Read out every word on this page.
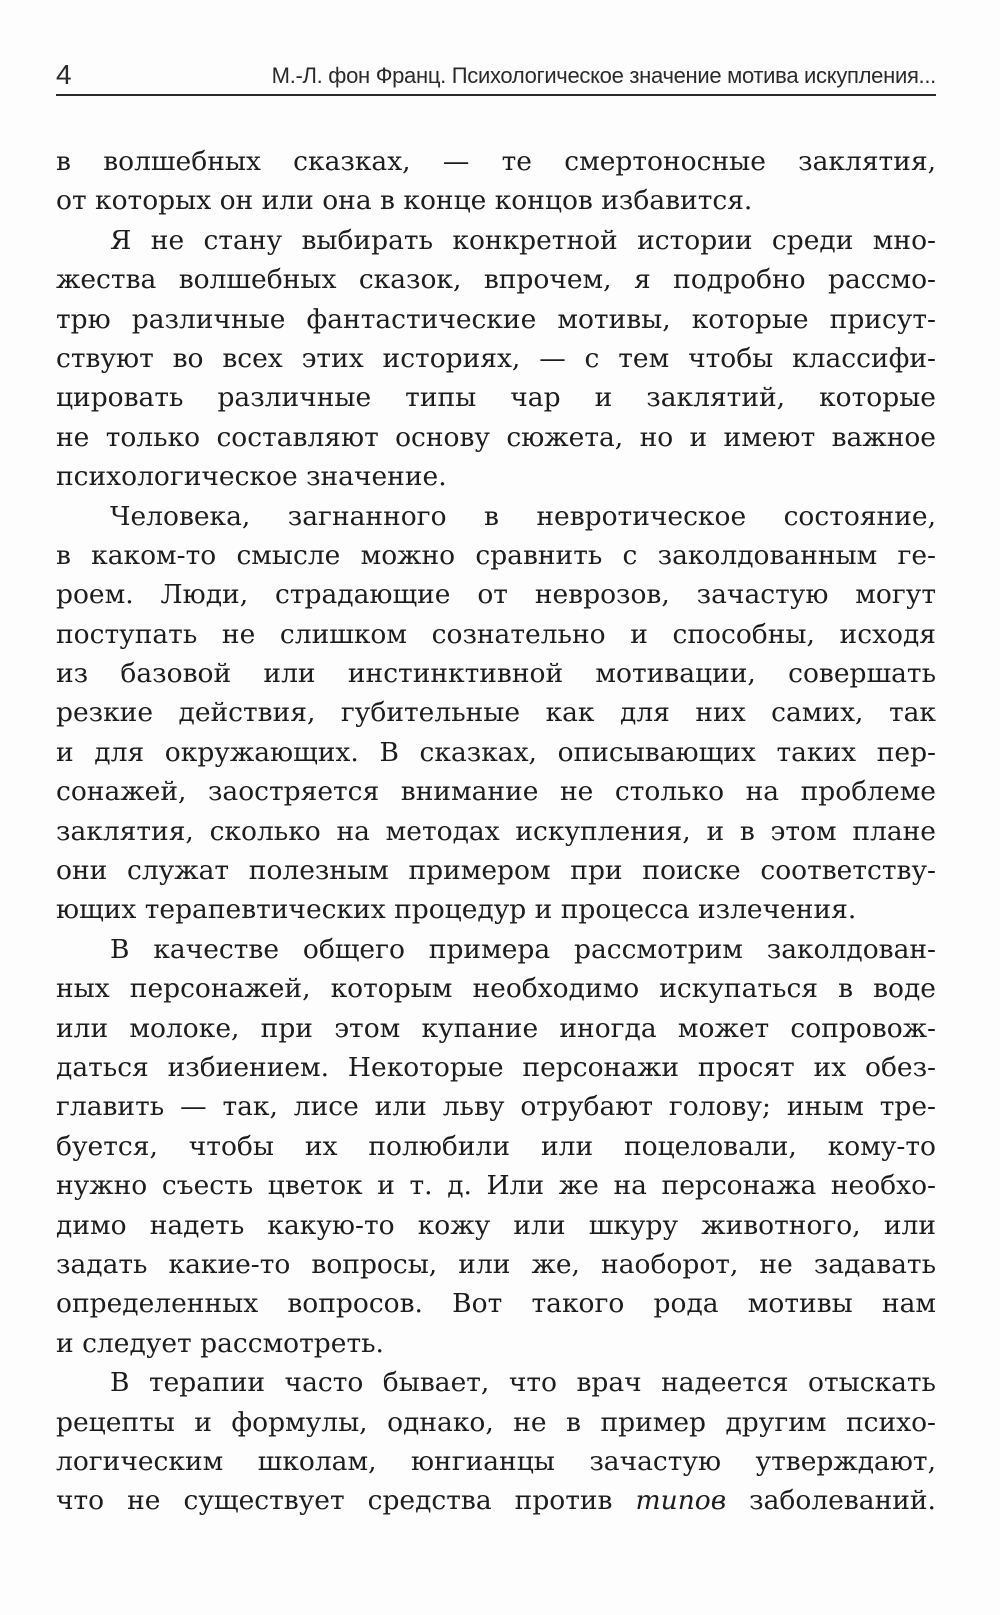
4	М.-Л. фон Франц. Психологическое значение мотива искупления...
в волшебных сказках, — те смертоносные заклятия,
от которых он или она в конце концов избавится.
Я не стану выбирать конкретной истории среди мно-
жества волшебных сказок, впрочем, я подробно рассмо-
трю различные фантастические мотивы, которые присут-
ствуют во всех этих историях, — с тем чтобы классифи-
цировать различные типы чар и заклятий, которые
не только составляют основу сюжета, но и имеют важное
психологическое значение.
Человека, загнанного в невротическое состояние,
в каком-то смысле можно сравнить с заколдованным ге-
роем. Люди, страдающие от неврозов, зачастую могут
поступать не слишком сознательно и способны, исходя
из базовой или инстинктивной мотивации, совершать
резкие действия, губительные как для них самих, так
и для окружающих. В сказках, описывающих таких пер-
сонажей, заостряется внимание не столько на проблеме
заклятия, сколько на методах искупления, и в этом плане
они служат полезным примером при поиске соответству-
ющих терапевтических процедур и процесса излечения.
В качестве общего примера рассмотрим заколдован-
ных персонажей, которым необходимо искупаться в воде
или молоке, при этом купание иногда может сопровож-
даться избиением. Некоторые персонажи просят их обез-
главить — так, лисе или льву отрубают голову; иным тре-
буется, чтобы их полюбили или поцеловали, кому-то
нужно съесть цветок и т. д. Или же на персонажа необхо-
димо надеть какую-то кожу или шкуру животного, или
задать какие-то вопросы, или же, наоборот, не задавать
определенных вопросов. Вот такого рода мотивы нам
и следует рассмотреть.
В терапии часто бывает, что врач надеется отыскать
рецепты и формулы, однако, не в пример другим психо-
логическим школам, юнгианцы зачастую утверждают,
что не существует средства против типов заболеваний.
